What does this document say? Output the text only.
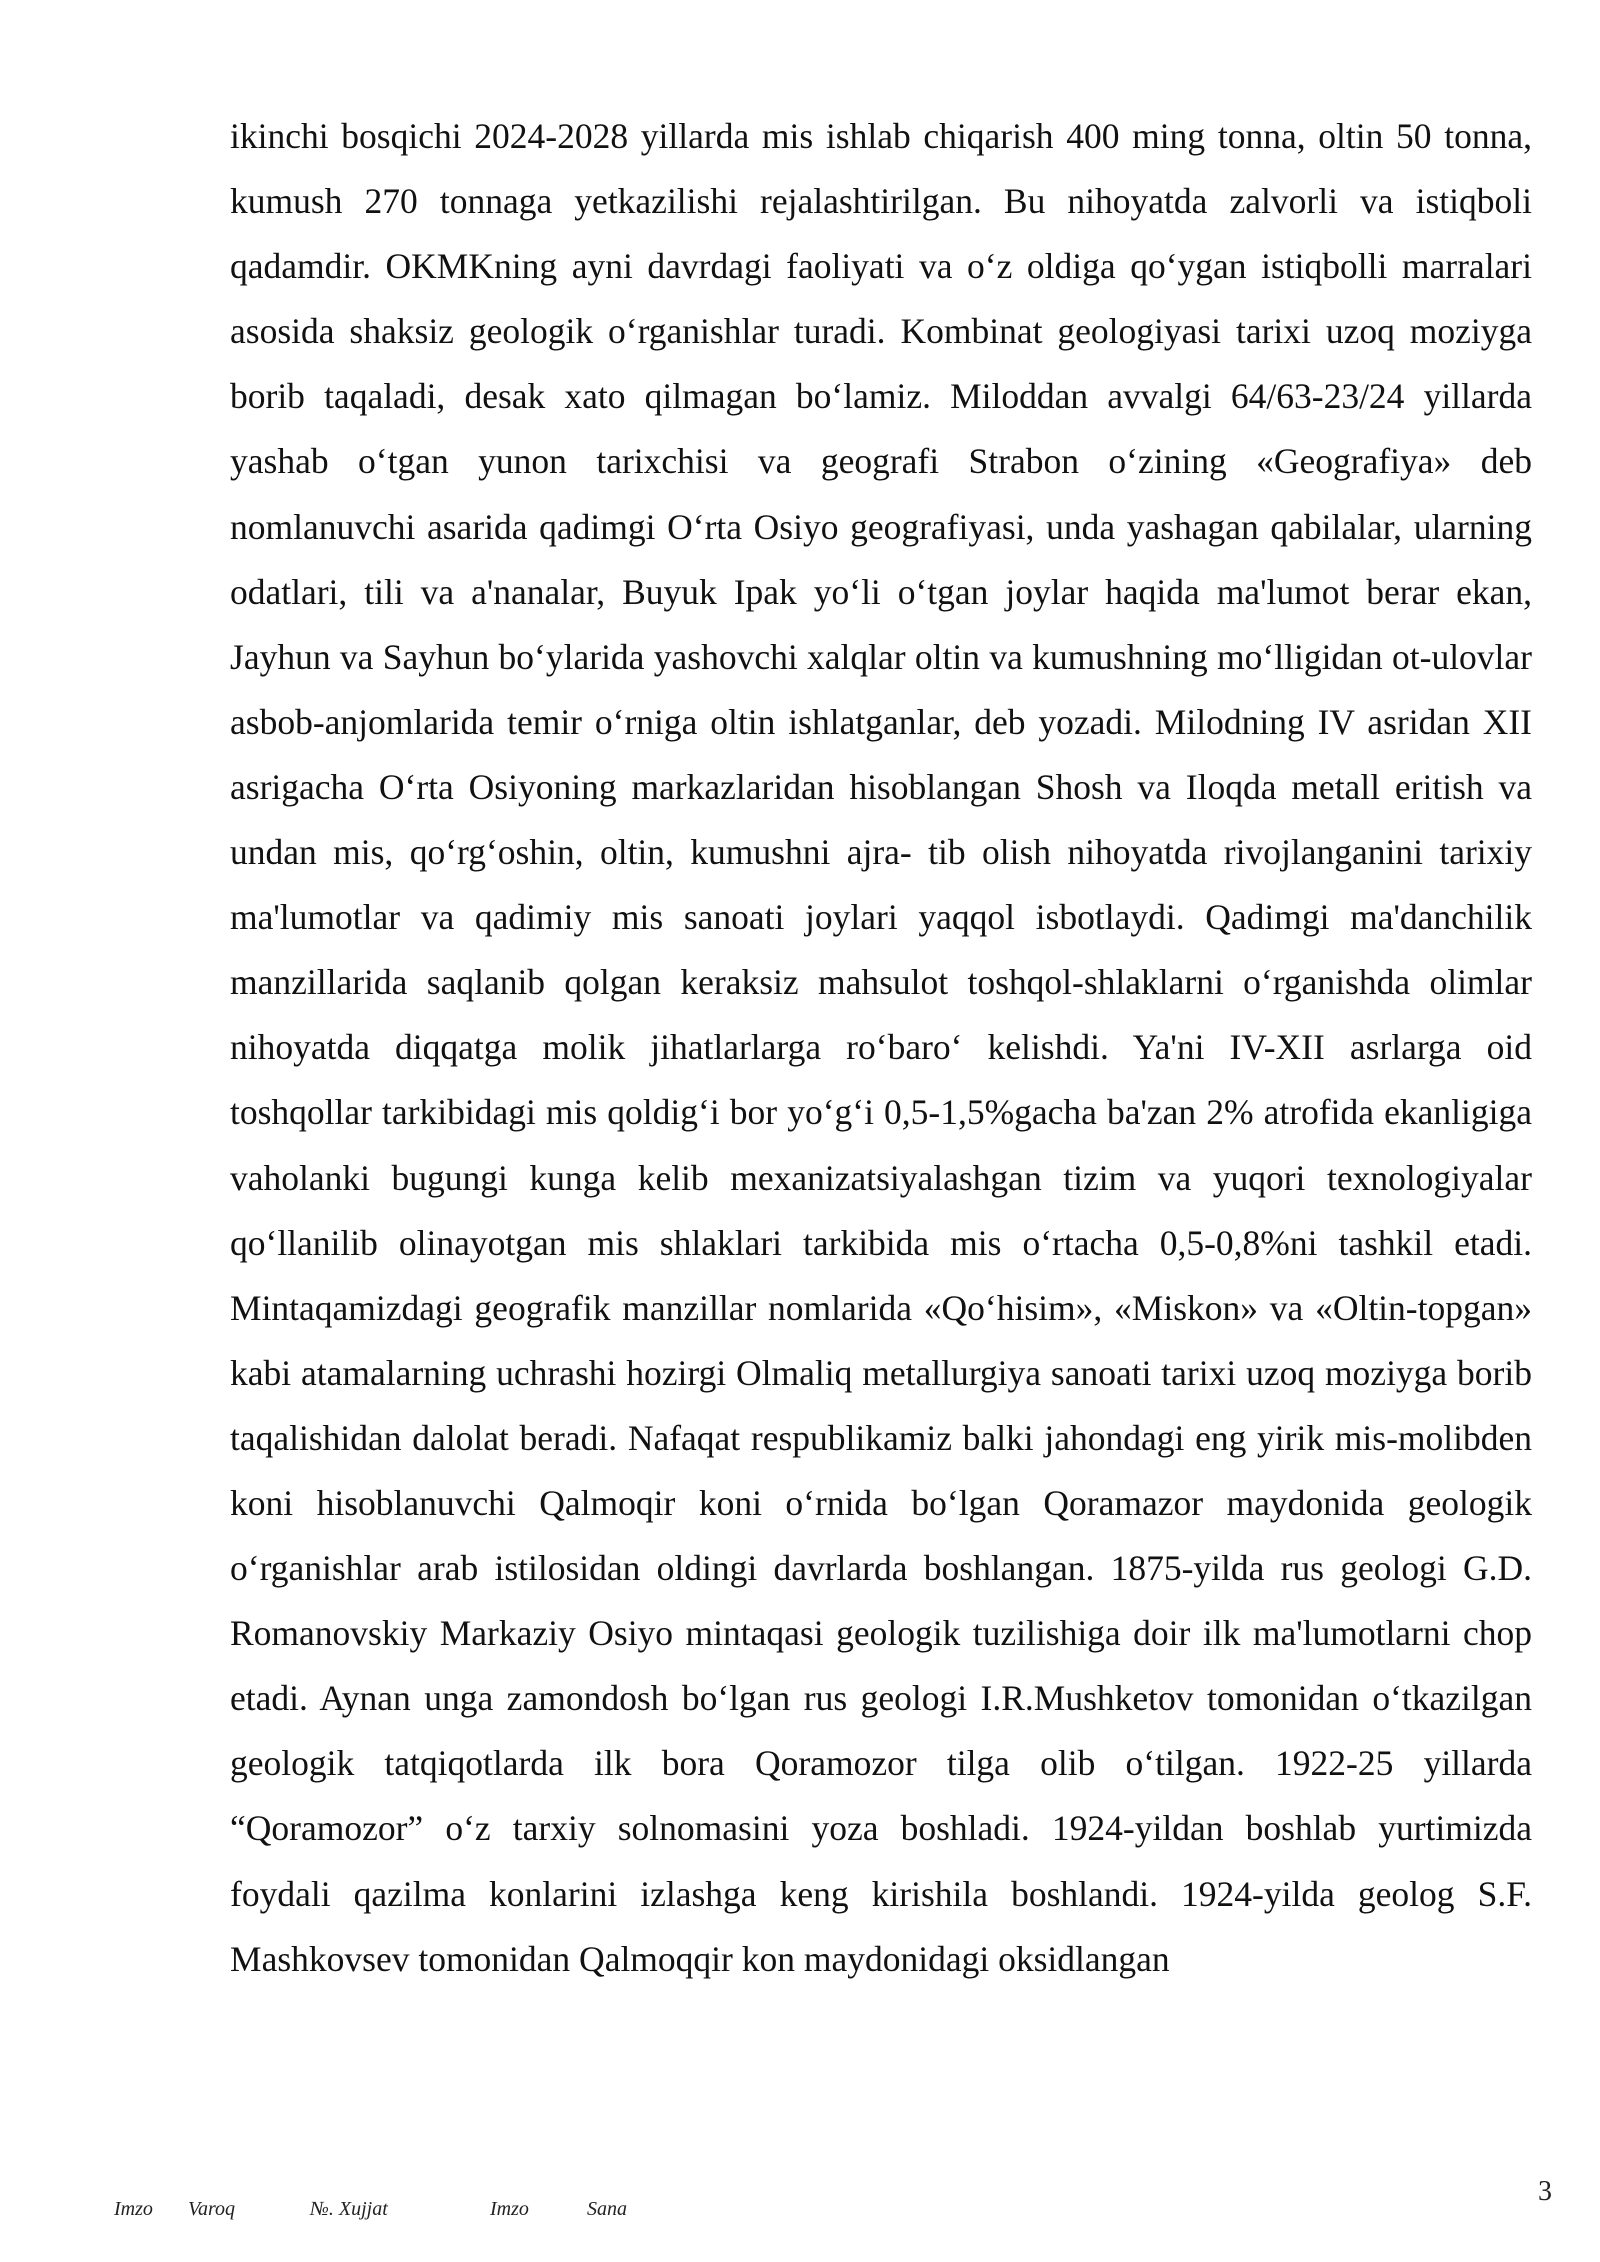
ikinchi bosqichi 2024-2028 yillarda mis ishlab chiqarish 400 ming tonna, oltin 50 tonna, kumush 270 tonnaga yetkazilishi rejalashtirilgan. Bu nihoyatda zalvorli va istiqboli qadamdir. OKMKning ayni davrdagi faoliyati va o‘z oldiga qo‘ygan istiqbolli marralari asosida shaksiz geologik o‘rganishlar turadi. Kombinat geologiyasi tarixi uzoq moziyga borib taqaladi, desak xato qilmagan bo‘lamiz. Miloddan avvalgi 64/63-23/24 yillarda yashab o‘tgan yunon tarixchisi va geografi Strabon o‘zining «Geografiya» deb nomlanuvchi asarida qadimgi O‘rta Osiyo geografiyasi, unda yashagan qabilalar, ularning odatlari, tili va a'nanalar, Buyuk Ipak yo‘li o‘tgan joylar haqida ma'lumot berar ekan, Jayhun va Sayhun bo‘ylarida yashovchi xalqlar oltin va kumushning mo‘lligidan ot-ulovlar asbob-anjomlarida temir o‘rniga oltin ishlatganlar, deb yozadi. Milodning IV asridan XII asrigacha O‘rta Osiyoning markazlaridan hisoblangan Shosh va Iloqda metall eritish va undan mis, qo‘rg‘oshin, oltin, kumushni ajra- tib olish nihoyatda rivojlanganini tarixiy ma'lumotlar va qadimiy mis sanoati joylari yaqqol isbotlaydi. Qadimgi ma'danchilik manzillarida saqlanib qolgan keraksiz mahsulot toshqol-shlaklarni o‘rganishda olimlar nihoyatda diqqatga molik jihatlarlarga ro‘baro‘ kelishdi. Ya'ni IV-XII asrlarga oid toshqollar tarkibidagi mis qoldig‘i bor yo‘g‘i 0,5-1,5%gacha ba'zan 2% atrofida ekanligiga vaholanki bugungi kunga kelib mexanizatsiyalashgan tizim va yuqori texnologiyalar qo‘llanilib olinayotgan mis shlaklari tarkibida mis o‘rtacha 0,5-0,8%ni tashkil etadi. Mintaqamizdagi geografik manzillar nomlarida «Qo‘hisim», «Miskon» va «Oltin-topgan» kabi atamalarning uchrashi hozirgi Olmaliq metallurgiya sanoati tarixi uzoq moziyga borib taqalishidan dalolat beradi. Nafaqat respublikamiz balki jahondagi eng yirik mis-molibden koni hisoblanuvchi Qalmoqir koni o‘rnida bo‘lgan Qoramazor maydonida geologik o‘rganishlar arab istilosidan oldingi davrlarda boshlangan. 1875-yilda rus geologi G.D. Romanovskiy Markaziy Osiyo mintaqasi geologik tuzilishiga doir ilk ma'lumotlarni chop etadi. Aynan unga zamondosh bo‘lgan rus geologi I.R.Mushketov tomonidan o‘tkazilgan geologik tatqiqotlarda ilk bora Qoramozor tilga olib o‘tilgan. 1922-25 yillarda “Qoramozor” o‘z tarxiy solnomasini yoza boshladi. 1924-yildan boshlab yurtimizda foydali qazilma konlarini izlashga keng kirishila boshlandi. 1924-yilda geolog S.F. Mashkovsev tomonidan Qalmoqqir kon maydonidagi oksidlangan

Imzo Varoq	№. Xujjat	Imzo	Sana
3
